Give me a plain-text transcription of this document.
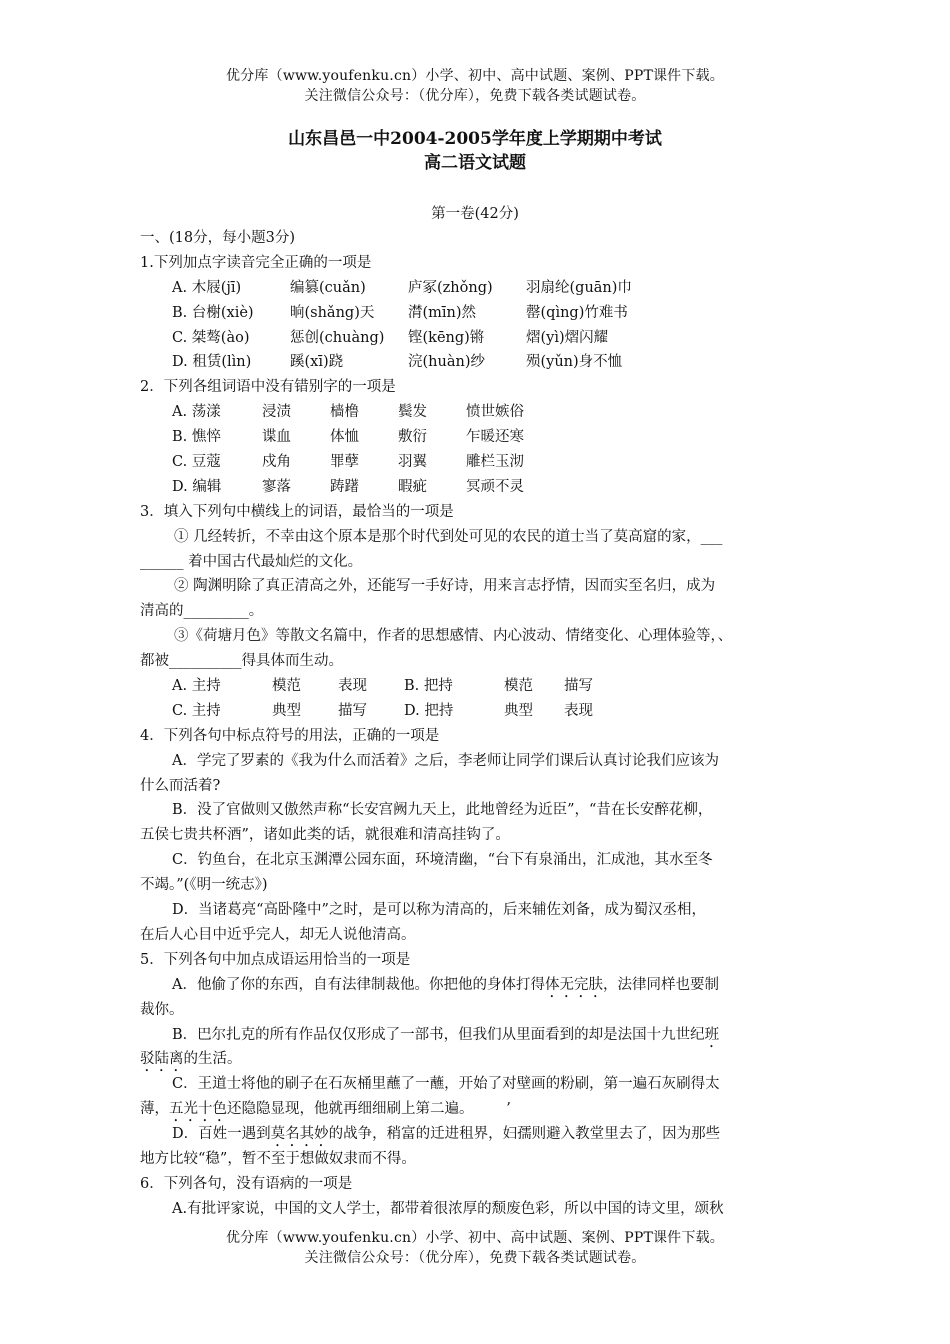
优分库（www.youfenku.cn）小学、初中、高中试题、案例、PPT课件下载。
关注微信公众号：（优分库），免费下载各类试题试卷。
山东昌邑一中2004-2005学年度上学期期中考试
高二语文试题
第一卷(42分)
一、(18分，每小题3分)
1.下列加点字读音完全正确的一项是
A. 木屐(jī)	编篡(cuǎn)	庐冢(zhǒng)	羽扇纶(guān)巾
B. 台榭(xiè)	晌(shǎng)天	潸(mīn)然	罄(qìng)竹难书
C. 桀骜(ào)	惩创(chuàng)	铿(kēng)锵	熠(yì)熠闪耀
D. 租赁(lìn)	蹊(xī)跷	浣(huàn)纱	殒(yǔn)身不恤
2．下列各组词语中没有错别字的一项是
A. 荡漾	浸渍	樯橹	鬓发	愤世嫉俗
B. 憔悴	谍血	体恤	敷衍	乍暖还寒
C. 豆蔻	戍角	罪孽	羽翼	雕栏玉沏
D. 编辑	寥落	踌躇	暇疵	冥顽不灵
3．填入下列句中横线上的词语，最恰当的一项是
① 几经转折，不幸由这个原本是那个时代到处可见的农民的道士当了莫高窟的家，___
______ 着中国古代最灿烂的文化。
② 陶渊明除了真正清高之外，还能写一手好诗，用来言志抒情，因而实至名归，成为
清高的_________。
③《荷塘月色》等散文名篇中，作者的思想感情、内心波动、情绪变化、心理体验等，、
都被__________得具体而生动。
A. 主持	模范	表现	B. 把持	模范	描写
C. 主持	典型	描写	D. 把持	典型	表现
4．下列各句中标点符号的用法，正确的一项是
A．学完了罗素的《我为什么而活着》之后，李老师让同学们课后认真讨论我们应该为
什么而活着?
B．没了官做则又傲然声称“长安宫阙九天上，此地曾经为近臣”，“昔在长安醉花柳，
五侯七贵共杯酒”，诸如此类的话，就很难和清高挂钩了。
C．钓鱼台，在北京玉渊潭公园东面，环境清幽，“台下有泉涌出，汇成池，其水至冬
不竭。”(《明一统志》)
D．当诸葛亮“高卧隆中”之时，是可以称为清高的，后来辅佐刘备，成为蜀汉丞相，
在后人心目中近乎完人，却无人说他清高。
5．下列各句中加点成语运用恰当的一项是
A．他偷了你的东西，自有法律制裁他。你把他的身体打得体无完肤，法律同样也要制
裁你。
B．巴尔扎克的所有作品仅仅形成了一部书，但我们从里面看到的却是法国十九世纪班
驳陆离的生活。
C．王道士将他的刷子在石灰桶里蘸了一蘸，开始了对壁画的粉刷，第一遍石灰刷得太
薄，五光十色还隐隐显现，他就再细细刷上第二遍。	’
D．百姓一遇到莫名其妙的战争，稍富的迁进租界，妇孺则避入教堂里去了，因为那些
地方比较“稳”，暂不至于想做奴隶而不得。
6．下列各句，没有语病的一项是
A.有批评家说，中国的文人学士，都带着很浓厚的颓废色彩，所以中国的诗文里，颂秋
优分库（www.youfenku.cn）小学、初中、高中试题、案例、PPT课件下载。
关注微信公众号：（优分库），免费下载各类试题试卷。
